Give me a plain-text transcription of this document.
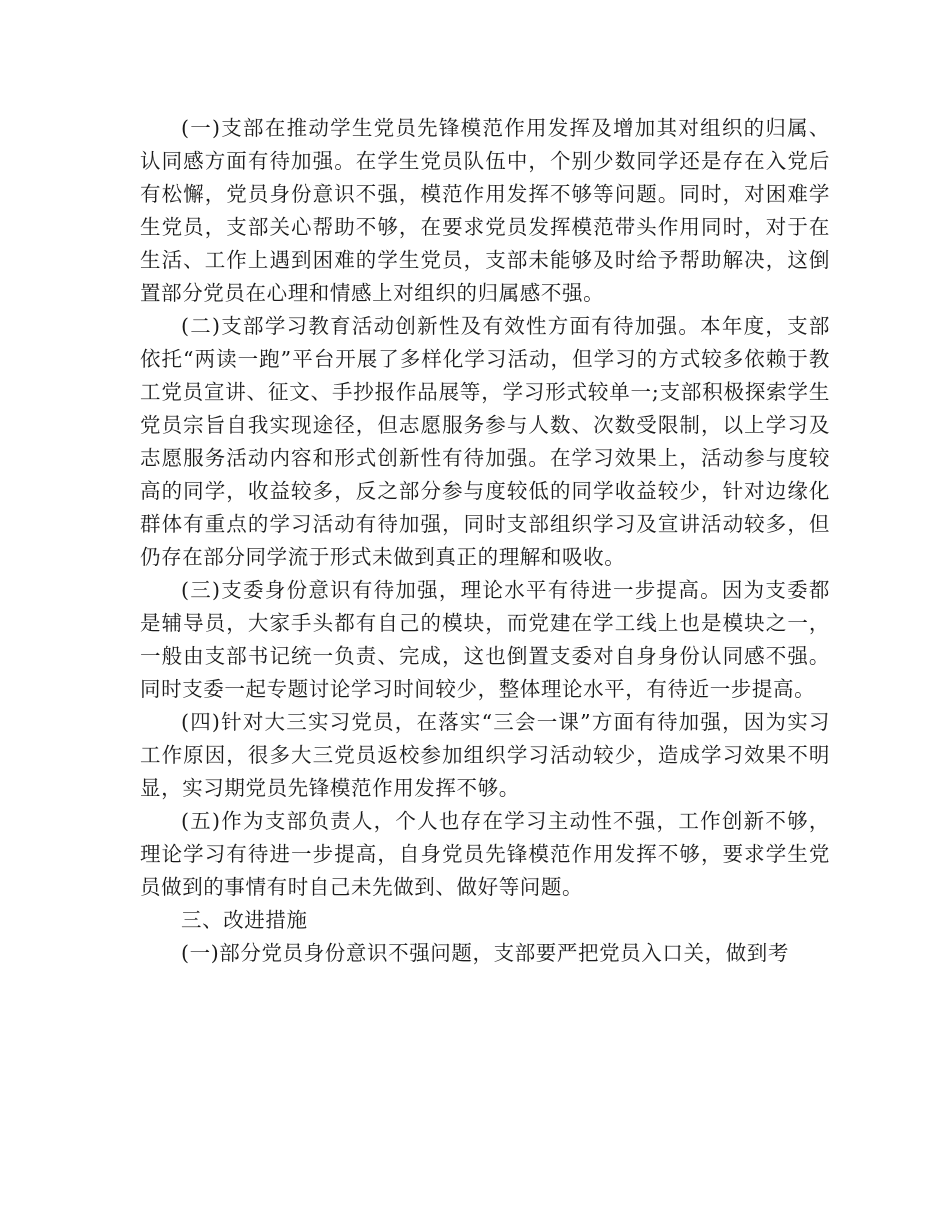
(一)支部在推动学生党员先锋模范作用发挥及增加其对组织的归属、认同感方面有待加强。在学生党员队伍中，个别少数同学还是存在入党后有松懈，党员身份意识不强，模范作用发挥不够等问题。同时，对困难学生党员，支部关心帮助不够，在要求党员发挥模范带头作用同时，对于在生活、工作上遇到困难的学生党员，支部未能够及时给予帮助解决，这倒置部分党员在心理和情感上对组织的归属感不强。

(二)支部学习教育活动创新性及有效性方面有待加强。本年度，支部依托“两读一跑”平台开展了多样化学习活动，但学习的方式较多依赖于教工党员宣讲、征文、手抄报作品展等，学习形式较单一;支部积极探索学生党员宗旨自我实现途径，但志愿服务参与人数、次数受限制，以上学习及志愿服务活动内容和形式创新性有待加强。在学习效果上，活动参与度较高的同学，收益较多，反之部分参与度较低的同学收益较少，针对边缘化群体有重点的学习活动有待加强，同时支部组织学习及宣讲活动较多，但仍存在部分同学流于形式未做到真正的理解和吸收。

(三)支委身份意识有待加强，理论水平有待进一步提高。因为支委都是辅导员，大家手头都有自己的模块，而党建在学工线上也是模块之一，一般由支部书记统一负责、完成，这也倒置支委对自身身份认同感不强。同时支委一起专题讨论学习时间较少，整体理论水平，有待近一步提高。

(四)针对大三实习党员，在落实“三会一课”方面有待加强，因为实习工作原因，很多大三党员返校参加组织学习活动较少，造成学习效果不明显，实习期党员先锋模范作用发挥不够。

(五)作为支部负责人，个人也存在学习主动性不强，工作创新不够，理论学习有待进一步提高，自身党员先锋模范作用发挥不够，要求学生党员做到的事情有时自己未先做到、做好等问题。

三、改进措施

(一)部分党员身份意识不强问题，支部要严把党员入口关，做到考
